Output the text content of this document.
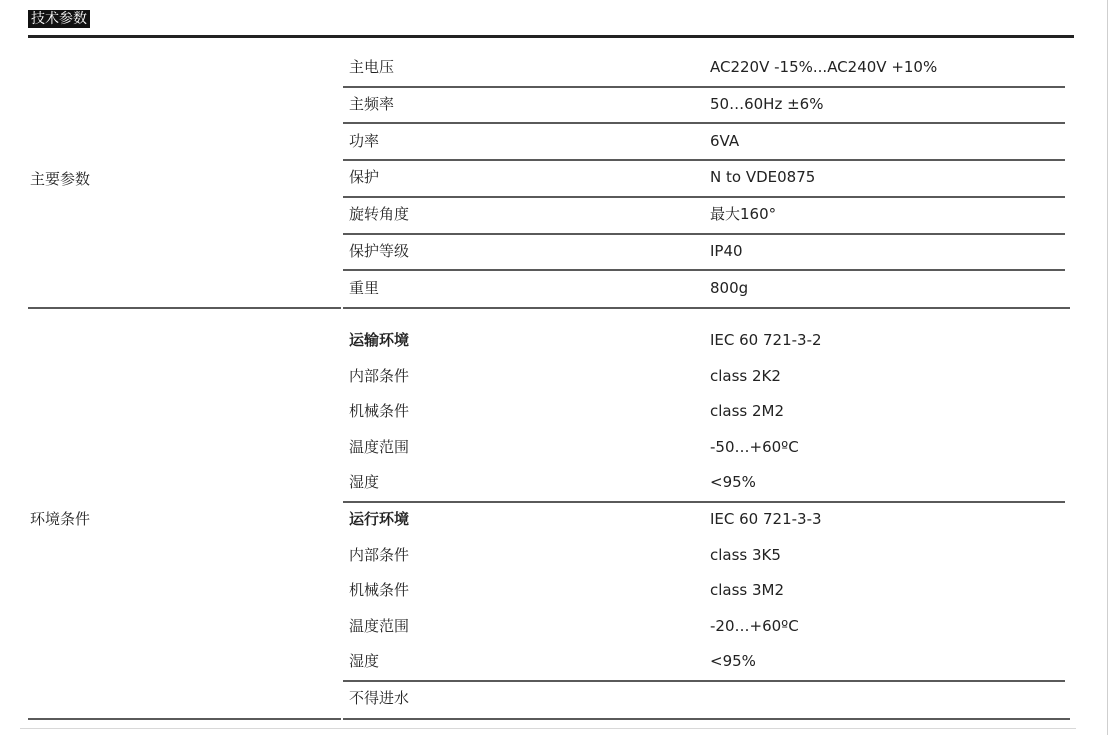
技术参数
主要参数
主电压	AC220V -15%...AC240V +10%
主频率	50…60Hz ±6%
功率	6VA
保护	N to VDE0875
旋转角度	最大160°
保护等级	IP40
重里	800g
环境条件
运输环境	IEC 60 721-3-2
内部条件	class 2K2
机械条件	class 2M2
温度范围	-50…+60ºC
湿度	<95%
运行环境	IEC 60 721-3-3
内部条件	class 3K5
机械条件	class 3M2
温度范围	-20…+60ºC
湿度	<95%
不得进水
